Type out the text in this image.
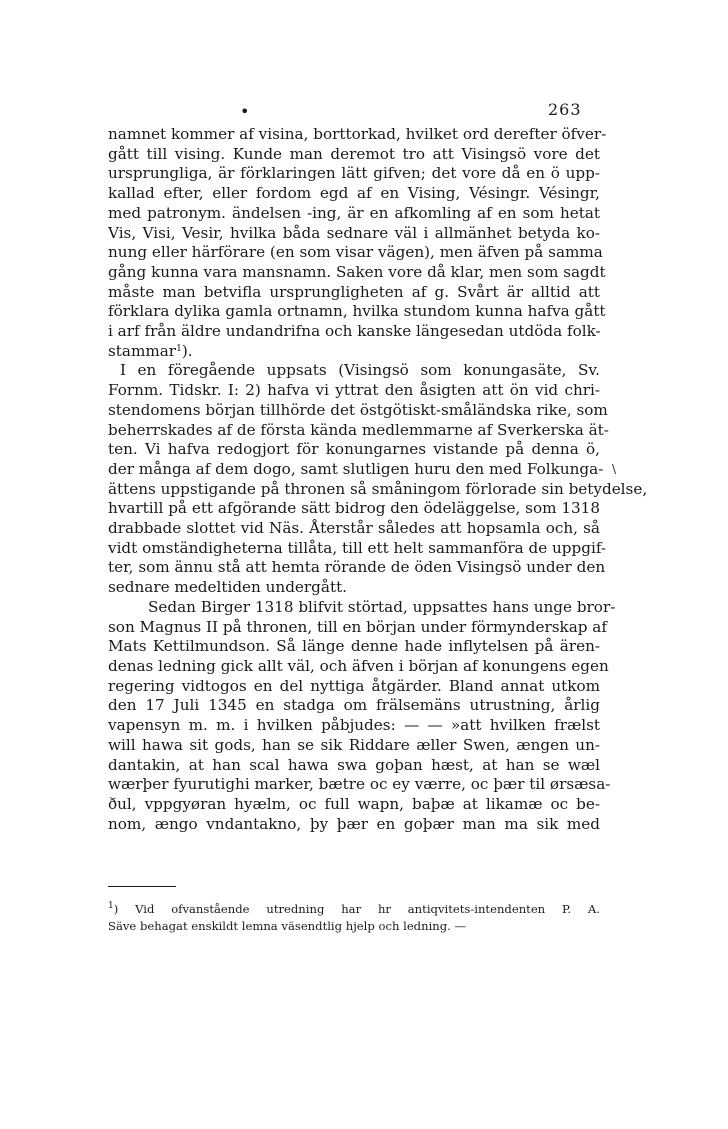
•	263
namnet kommer af visina, borttorkad, hvilket ord derefter öfver-
gått till vising. Kunde man deremot tro att Visingsö vore det
ursprungliga, är förklaringen lätt gifven; det vore då en ö upp-
kallad efter, eller fordom egd af en Vising, Vésingr. Vésingr,
med patronym. ändelsen -ing, är en afkomling af en som hetat
Vis, Visi, Vesir, hvilka båda sednare väl i allmänhet betyda ko-
nung eller härförare (en som visar vägen), men äfven på samma
gång kunna vara mansnamn. Saken vore då klar, men som sagdt
måste man betvifla ursprungligheten af g. Svårt är alltid att
förklara dylika gamla ortnamn, hvilka stundom kunna hafva gått
i arf från äldre undandrifna och kanske längesedan utdöda folk-
stammar$^1$).
I en föregående uppsats (Visingsö som konungasäte, Sv.
Fornm. Tidskr. I: 2) hafva vi yttrat den åsigten att ön vid chri-
stendomens början tillhörde det östgötiskt-småländska rike, som
beherrskades af de första kända medlemmarne af Sverkerska ät-
ten. Vi hafva redogjort för konungarnes vistande på denna ö,
der många af dem dogo, samt slutligen huru den med Folkunga-
ättens uppstigande på thronen så småningom förlorade sin betydelse,
hvartill på ett afgörande sätt bidrog den ödeläggelse, som 1318
drabbade slottet vid Näs. Återstår således att hopsamla och, så
vidt omständigheterna tillåta, till ett helt sammanföra de uppgif-
ter, som ännu stå att hemta rörande de öden Visingsö under den
sednare medeltiden undergått.
Sedan Birger 1318 blifvit störtad, uppsattes hans unge bror-
son Magnus II på thronen, till en början under förmynderskap af
Mats Kettilmundson. Så länge denne hade inflytelsen på ären-
denas ledning gick allt väl, och äfven i början af konungens egen
regering vidtogos en del nyttiga åtgärder. Bland annat utkom
den 17 Juli 1345 en stadga om frälsemäns utrustning, årlig
vapensyn m. m. i hvilken påbjudes: — — »att hvilken frælst
will hawa sit gods, han se sik Riddare æller Swen, ængen un-
dantakin, at han scal hawa swa goþan hæst, at han se wæl
wærþer fyurutighi marker, bætre oc ey værre, oc þær til ørsæsa-
ðul, vppgyøran hyælm, oc full wapn, baþæ at likamæ oc be-
nom, ængo vndantakno, þy þær en goþær man ma sik med
\
$^1$) Vid ofvanstående utredning har hr antiqvitets-intendenten P. A.
Säve behagat enskildt lemna väsendtlig hjelp och ledning. —
